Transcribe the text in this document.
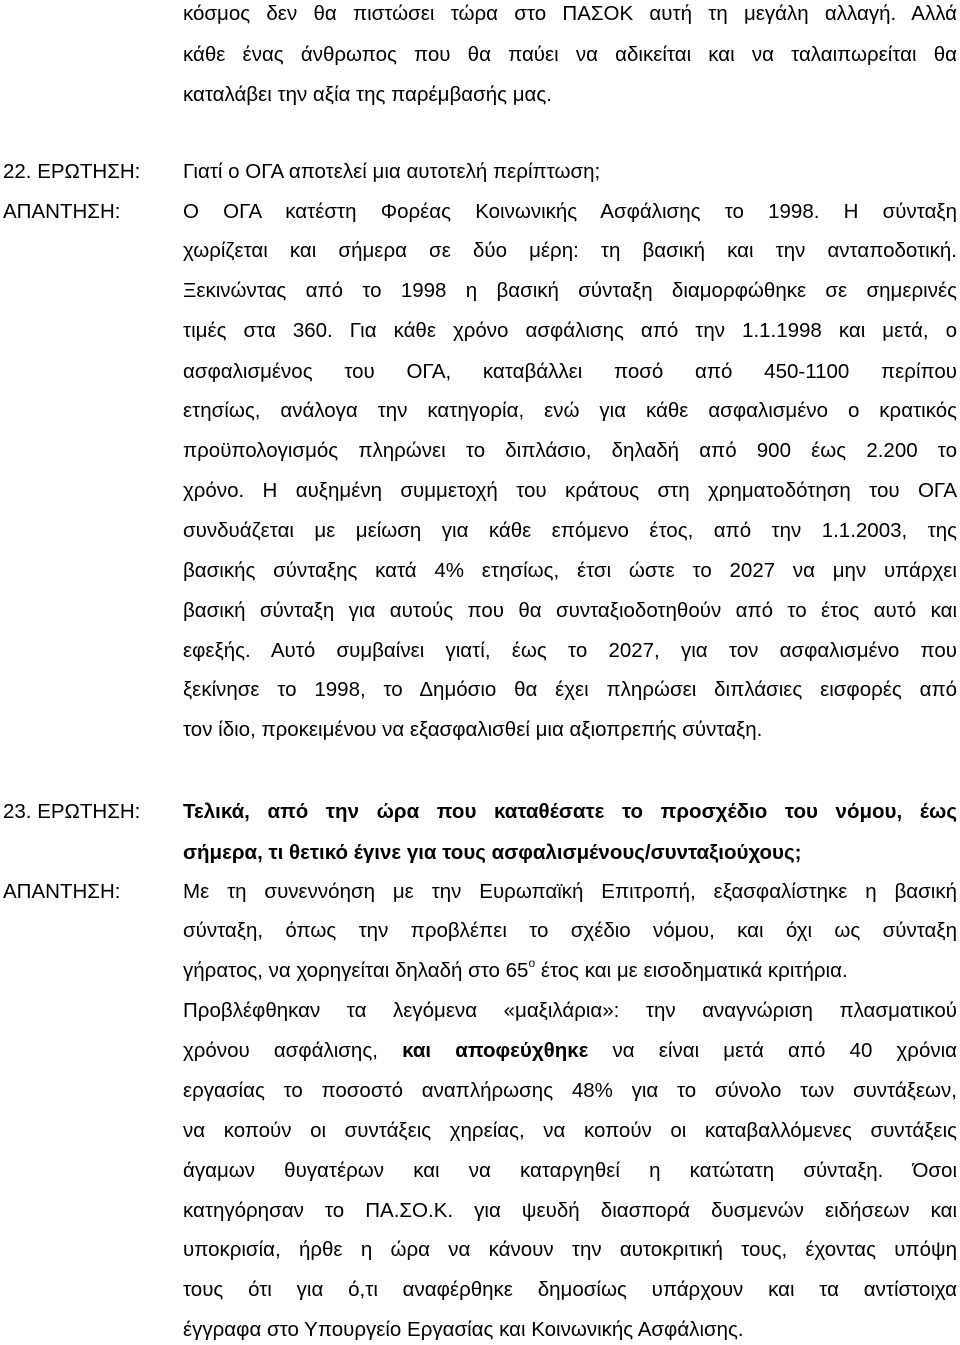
κόσμος δεν θα πιστώσει τώρα στο ΠΑΣΟΚ αυτή τη μεγάλη αλλαγή. Αλλά
κάθε ένας άνθρωπος που θα παύει να αδικείται και να ταλαιπωρείται θα
καταλάβει την αξία της παρέμβασής μας.
22. ΕΡΩΤΗΣΗ: Γιατί ο ΟΓΑ αποτελεί μια αυτοτελή περίπτωση;
ΑΠΑΝΤΗΣΗ:	Ο ΟΓΑ κατέστη Φορέας Κοινωνικής Ασφάλισης το 1998. Η σύνταξη
χωρίζεται και σήμερα σε δύο μέρη: τη βασική και την ανταποδοτική.
Ξεκινώντας από το 1998 η βασική σύνταξη διαμορφώθηκε σε σημερινές
τιμές στα 360. Για κάθε χρόνο ασφάλισης από την 1.1.1998 και μετά, ο
ασφαλισμένος του ΟΓΑ, καταβάλλει ποσό από 450-1100 περίπου
ετησίως, ανάλογα την κατηγορία, ενώ για κάθε ασφαλισμένο ο κρατικός
προϋπολογισμός πληρώνει το διπλάσιο, δηλαδή από 900 έως 2.200 το
χρόνο. Η αυξημένη συμμετοχή του κράτους στη χρηματοδότηση του ΟΓΑ
συνδυάζεται με μείωση για κάθε επόμενο έτος, από την 1.1.2003, της
βασικής σύνταξης κατά 4% ετησίως, έτσι ώστε το 2027 να μην υπάρχει
βασική σύνταξη για αυτούς που θα συνταξιοδοτηθούν από το έτος αυτό και
εφεξής. Αυτό συμβαίνει γιατί, έως το 2027, για τον ασφαλισμένο που
ξεκίνησε το 1998, το Δημόσιο θα έχει πληρώσει διπλάσιες εισφορές από
τον ίδιο, προκειμένου να εξασφαλισθεί μια αξιοπρεπής σύνταξη.
23. ΕΡΩΤΗΣΗ: Τελικά, από την ώρα που καταθέσατε το προσχέδιο του νόμου, έως
σήμερα, τι θετικό έγινε για τους ασφαλισμένους/συνταξιούχους;
ΑΠΑΝΤΗΣΗ:	Με τη συνεννόηση με την Ευρωπαϊκή Επιτροπή, εξασφαλίστηκε η βασική
σύνταξη, όπως την προβλέπει το σχέδιο νόμου, και όχι ως σύνταξη
γήρατος, να χορηγείται δηλαδή στο $65^o$ έτος και με εισοδηματικά κριτήρια.
Προβλέφθηκαν τα λεγόμενα «μαξιλάρια»: την αναγνώριση πλασματικού
χρόνου ασφάλισης, και αποφεύχθηκε να είναι μετά από 40 χρόνια
εργασίας το ποσοστό αναπλήρωσης 48% για το σύνολο των συντάξεων,
να κοπούν οι συντάξεις χηρείας, να κοπούν οι καταβαλλόμενες συντάξεις
άγαμων θυγατέρων και να καταργηθεί η κατώτατη σύνταξη. Όσοι
κατηγόρησαν το ΠΑ.ΣΟ.Κ. για ψευδή διασπορά δυσμενών ειδήσεων και
υποκρισία, ήρθε η ώρα να κάνουν την αυτοκριτική τους, έχοντας υπόψη
τους ότι για ό,τι αναφέρθηκε δημοσίως υπάρχουν και τα αντίστοιχα
έγγραφα στο Υπουργείο Εργασίας και Κοινωνικής Ασφάλισης.
